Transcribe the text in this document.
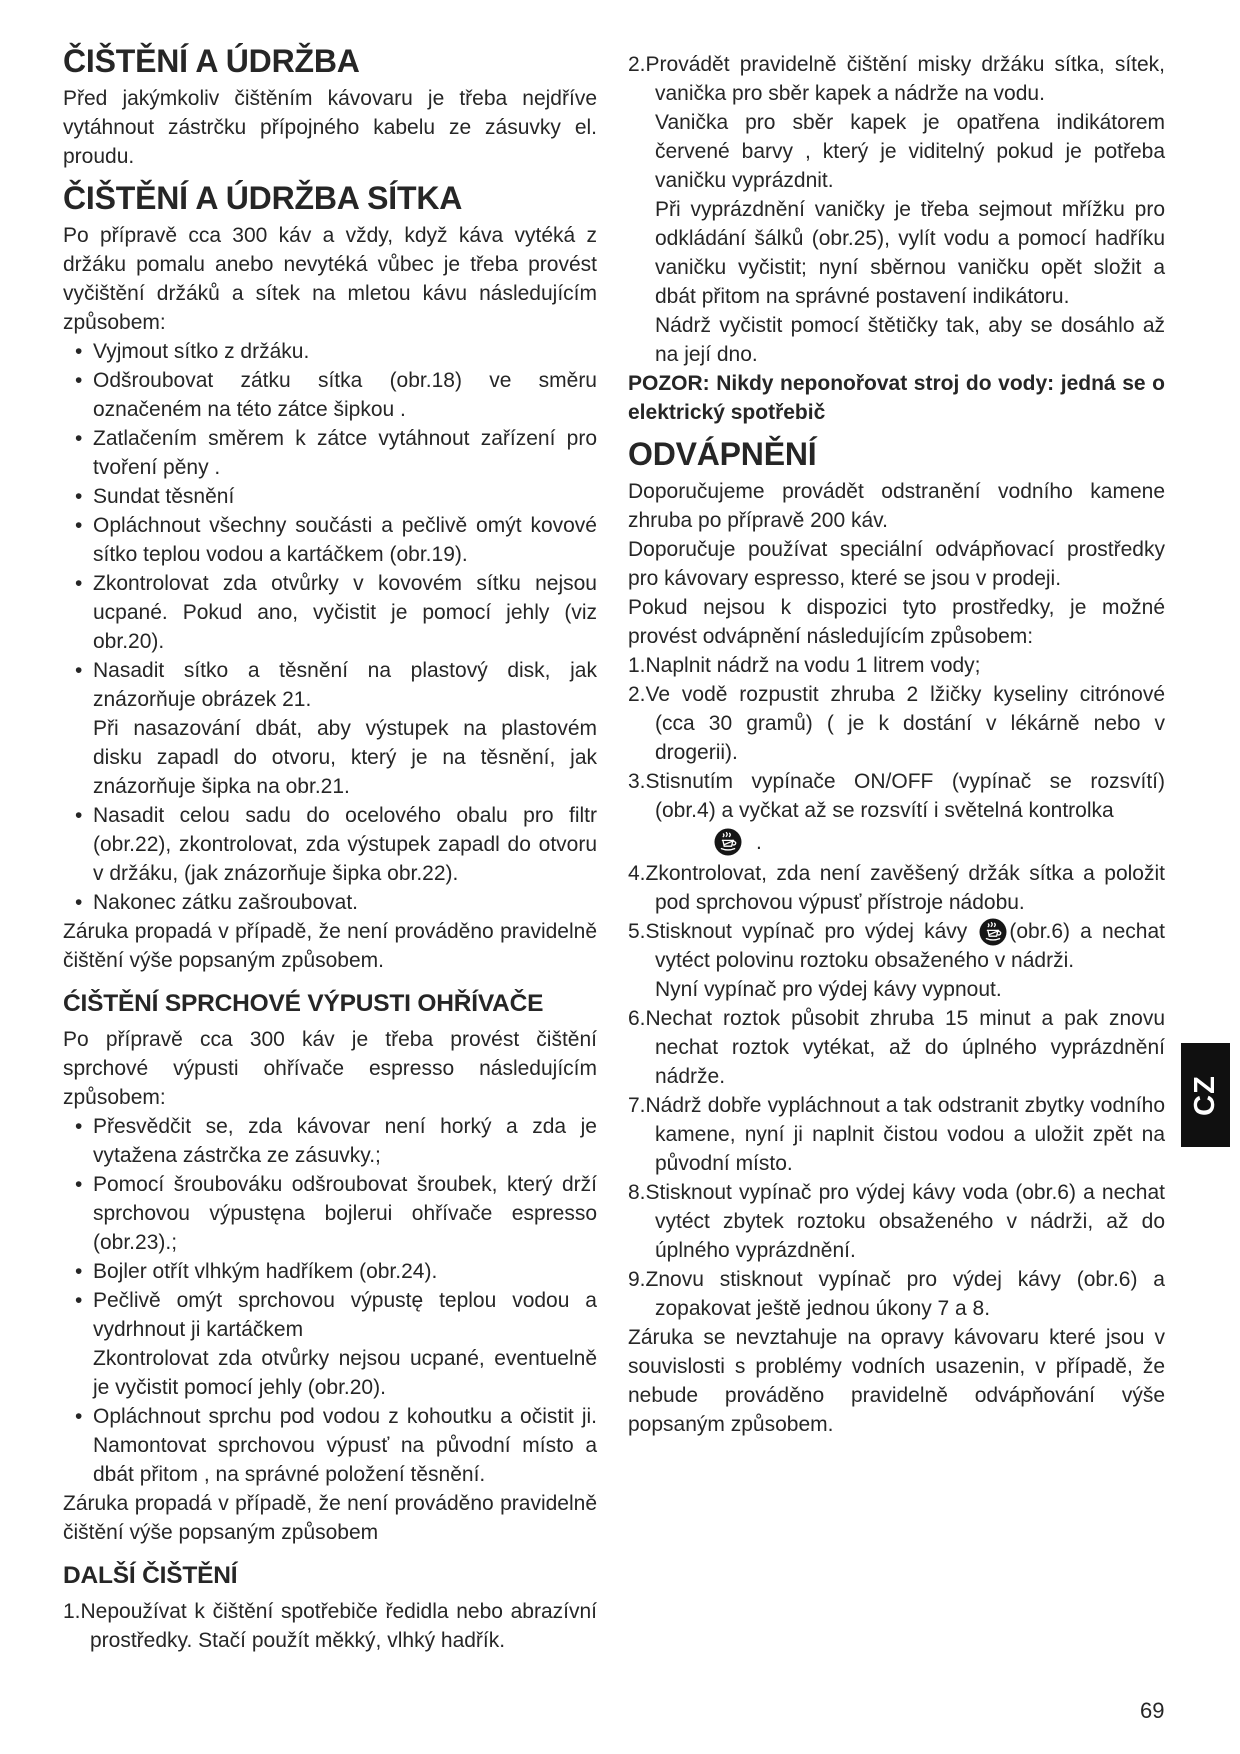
ČIŠTĚNÍ A ÚDRŽBA

Před jakýmkoliv čištěním kávovaru je třeba nejdříve vytáhnout zástrčku přípojného kabelu ze zásuvky el. proudu.

ČIŠTĚNÍ A ÚDRŽBA SÍTKA

Po přípravě cca 300 káv a vždy, když káva vytéká z držáku pomalu anebo nevytéká vůbec je třeba provést vyčištění držáků a sítek na mletou kávu následujícím způsobem:

• Vyjmout sítko z držáku.

• Odšroubovat zátku sítka (obr.18) ve směru označeném na této zátce šipkou .

• Zatlačením směrem k zátce vytáhnout zařízení pro tvoření pěny .

• Sundat těsnění

• Opláchnout všechny součásti a pečlivě omýt kovové sítko teplou vodou a kartáčkem (obr.19).

• Zkontrolovat zda otvůrky v kovovém sítku nejsou ucpané. Pokud ano, vyčistit je pomocí jehly (viz obr.20).

• Nasadit sítko a těsnění na plastový disk, jak znázorňuje obrázek 21.

Při nasazování dbát, aby výstupek na plastovém disku zapadl do otvoru, který je na těsnění, jak znázorňuje šipka na obr.21.

• Nasadit celou sadu do ocelového obalu pro filtr (obr.22), zkontrolovat, zda výstupek zapadl do otvoru v držáku, (jak znázorňuje šipka obr.22).

• Nakonec zátku zašroubovat.

Záruka propadá v případě, že není prováděno pravidelně čištění výše popsaným způsobem.

ĆIŠTĚNÍ SPRCHOVÉ VÝPUSTI OHŘÍVAČE

Po přípravě cca 300 káv je třeba provést čištění sprchové výpusti ohřívače espresso následujícím způsobem:

• Přesvědčit se, zda kávovar není horký a zda je vytažena zástrčka ze zásuvky.;

• Pomocí šroubováku odšroubovat šroubek, který drží sprchovou výpustęna bojlerui ohřívače espresso (obr.23).;

• Bojler otřít vlhkým hadříkem (obr.24).

• Pečlivě omýt sprchovou výpustę teplou vodou a vydrhnout ji kartáčkem

Zkontrolovat zda otvůrky nejsou ucpané, eventuelně je vyčistit pomocí jehly (obr.20).

• Opláchnout sprchu pod vodou z kohoutku a očistit ji. Namontovat sprchovou výpusť na původní místo a dbát přitom , na správné položení těsnění.

Záruka propadá v případě, že není prováděno pravidelně čištění výše popsaným způsobem

DALŠÍ ČIŠTĚNÍ

1.Nepoužívat k čištění spotřebiče ředidla nebo abrazívní prostředky. Stačí použít měkký, vlhký hadřík.

2.Provádět pravidelně čištění misky držáku sítka, sítek, vanička pro sběr kapek a nádrže na vodu.

Vanička pro sběr kapek je opatřena indikátorem červené barvy , který je viditelný pokud je potřeba vaničku vyprázdnit.

Při vyprázdnění vaničky je třeba sejmout mřížku pro odkládání šálků (obr.25), vylít vodu a pomocí hadříku vaničku vyčistit; nyní sběrnou vaničku opět složit a dbát přitom na správné postavení indikátoru.

Nádrž vyčistit pomocí štětičky tak, aby se dosáhlo až na její dno.

POZOR: Nikdy neponořovat stroj do vody: jedná se o elektrický spotřebič

ODVÁPNĚNÍ

Doporučujeme provádět odstranění vodního kamene zhruba po přípravě 200 káv.

Doporučuje používat speciální odvápňovací prostředky pro kávovary espresso, které se jsou v prodeji.

Pokud nejsou k dispozici tyto prostředky, je možné provést odvápnění následujícím způsobem:

1.Naplnit nádrž na vodu 1 litrem vody;

2.Ve vodě rozpustit zhruba 2 lžičky kyseliny citrónové (cca 30 gramů) ( je k dostání v lékárně nebo v drogerii).

3.Stisnutím vypínače ON/OFF (vypínač se rozsvítí) (obr.4) a vyčkat až se rozsvítí i světelná kontrolka

.

4.Zkontrolovat, zda není zavěšený držák sítka a položit pod sprchovou výpusť přístroje nádobu.

5.Stisknout vypínač pro výdej kávy (obr.6) a nechat vytéct polovinu roztoku obsaženého v nádrži.

Nyní vypínač pro výdej kávy vypnout.

6.Nechat roztok působit zhruba 15 minut a pak znovu nechat roztok vytékat, až do úplného vyprázdnění nádrže.

7.Nádrž dobře vypláchnout a tak odstranit zbytky vodního kamene, nyní ji naplnit čistou vodou a uložit zpět na původní místo.

8.Stisknout vypínač pro výdej kávy voda (obr.6) a nechat vytéct zbytek roztoku obsaženého v nádrži, až do úplného vyprázdnění.

9.Znovu stisknout vypínač pro výdej kávy (obr.6) a zopakovat ještě jednou úkony 7 a 8.

Záruka se nevztahuje na opravy kávovaru které jsou v souvislosti s problémy vodních usazenin, v případě, že nebude prováděno pravidelně odvápňování výše popsaným způsobem.

CZ
69
